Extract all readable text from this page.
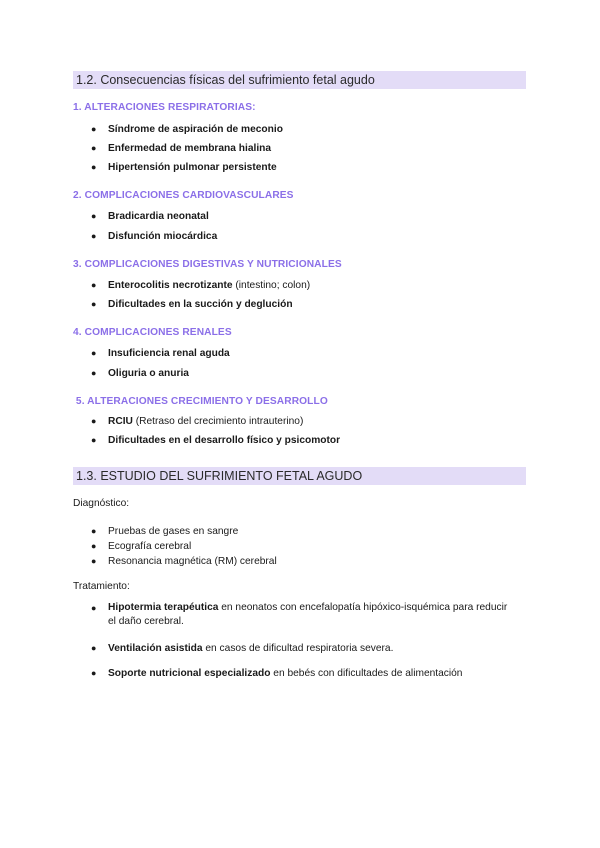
1.2. Consecuencias físicas del sufrimiento fetal agudo
1. ALTERACIONES RESPIRATORIAS:
● Síndrome de aspiración de meconio
● Enfermedad de membrana hialina
● Hipertensión pulmonar persistente
2. COMPLICACIONES CARDIOVASCULARES
● Bradicardia neonatal
● Disfunción miocárdica
3. COMPLICACIONES DIGESTIVAS Y NUTRICIONALES
● Enterocolitis necrotizante (intestino; colon)
● Dificultades en la succión y deglución
4. COMPLICACIONES RENALES
● Insuficiencia renal aguda
● Oliguria o anuria
5. ALTERACIONES CRECIMIENTO Y DESARROLLO
● RCIU (Retraso del crecimiento intrauterino)
● Dificultades en el desarrollo físico y psicomotor
1.3. ESTUDIO DEL SUFRIMIENTO FETAL AGUDO
Diagnóstico:
● Pruebas de gases en sangre
● Ecografía cerebral
● Resonancia magnética (RM) cerebral
Tratamiento:
●	Hipotermia terapéutica en neonatos con encefalopatía hipóxico-isquémica para reducir el daño cerebral.
● Ventilación asistida en casos de dificultad respiratoria severa.
● Soporte nutricional especializado en bebés con dificultades de alimentación
